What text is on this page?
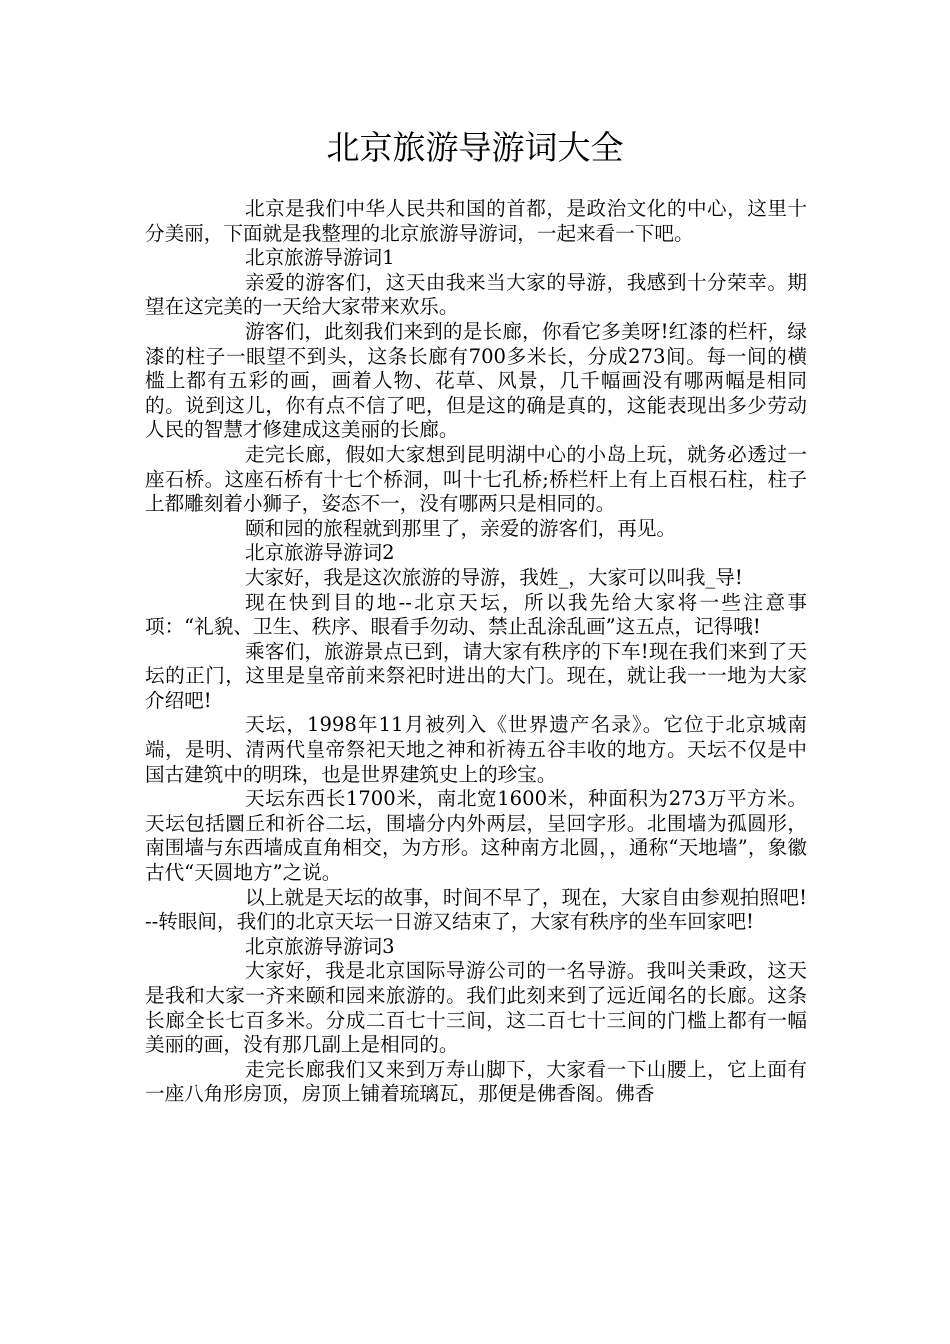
北京旅游导游词大全

北京是我们中华人民共和国的首都，是政治文化的中心，这里十分美丽，下面就是我整理的北京旅游导游词，一起来看一下吧。

北京旅游导游词1

亲爱的游客们，这天由我来当大家的导游，我感到十分荣幸。期望在这完美的一天给大家带来欢乐。

游客们，此刻我们来到的是长廊，你看它多美呀!红漆的栏杆，绿漆的柱子一眼望不到头，这条长廊有700多米长，分成273间。每一间的横槛上都有五彩的画，画着人物、花草、风景，几千幅画没有哪两幅是相同的。说到这儿，你有点不信了吧，但是这的确是真的，这能表现出多少劳动人民的智慧才修建成这美丽的长廊。

走完长廊，假如大家想到昆明湖中心的小岛上玩，就务必透过一座石桥。这座石桥有十七个桥洞，叫十七孔桥;桥栏杆上有上百根石柱，柱子上都雕刻着小狮子，姿态不一，没有哪两只是相同的。

颐和园的旅程就到那里了，亲爱的游客们，再见。

北京旅游导游词2

大家好，我是这次旅游的导游，我姓_，大家可以叫我_导!

现在快到目的地--北京天坛，所以我先给大家将一些注意事项：“礼貌、卫生、秩序、眼看手勿动、禁止乱涂乱画”这五点，记得哦!

乘客们，旅游景点已到，请大家有秩序的下车!现在我们来到了天坛的正门，这里是皇帝前来祭祀时进出的大门。现在，就让我一一地为大家介绍吧!

天坛，1998年11月被列入《世界遗产名录》。它位于北京城南端，是明、清两代皇帝祭祀天地之神和祈祷五谷丰收的地方。天坛不仅是中国古建筑中的明珠，也是世界建筑史上的珍宝。

天坛东西长1700米，南北宽1600米，种面积为273万平方米。天坛包括圜丘和祈谷二坛，围墙分内外两层，呈回字形。北围墙为孤圆形，南围墙与东西墙成直角相交，为方形。这种南方北圆，，通称“天地墙”，象徽古代“天圆地方”之说。

以上就是天坛的故事，时间不早了，现在，大家自由参观拍照吧!--转眼间，我们的北京天坛一日游又结束了，大家有秩序的坐车回家吧!

北京旅游导游词3

大家好，我是北京国际导游公司的一名导游。我叫关秉政，这天是我和大家一齐来颐和园来旅游的。我们此刻来到了远近闻名的长廊。这条长廊全长七百多米。分成二百七十三间，这二百七十三间的门槛上都有一幅美丽的画，没有那几副上是相同的。

走完长廊我们又来到万寿山脚下，大家看一下山腰上，它上面有一座八角形房顶，房顶上铺着琉璃瓦，那便是佛香阁。佛香
